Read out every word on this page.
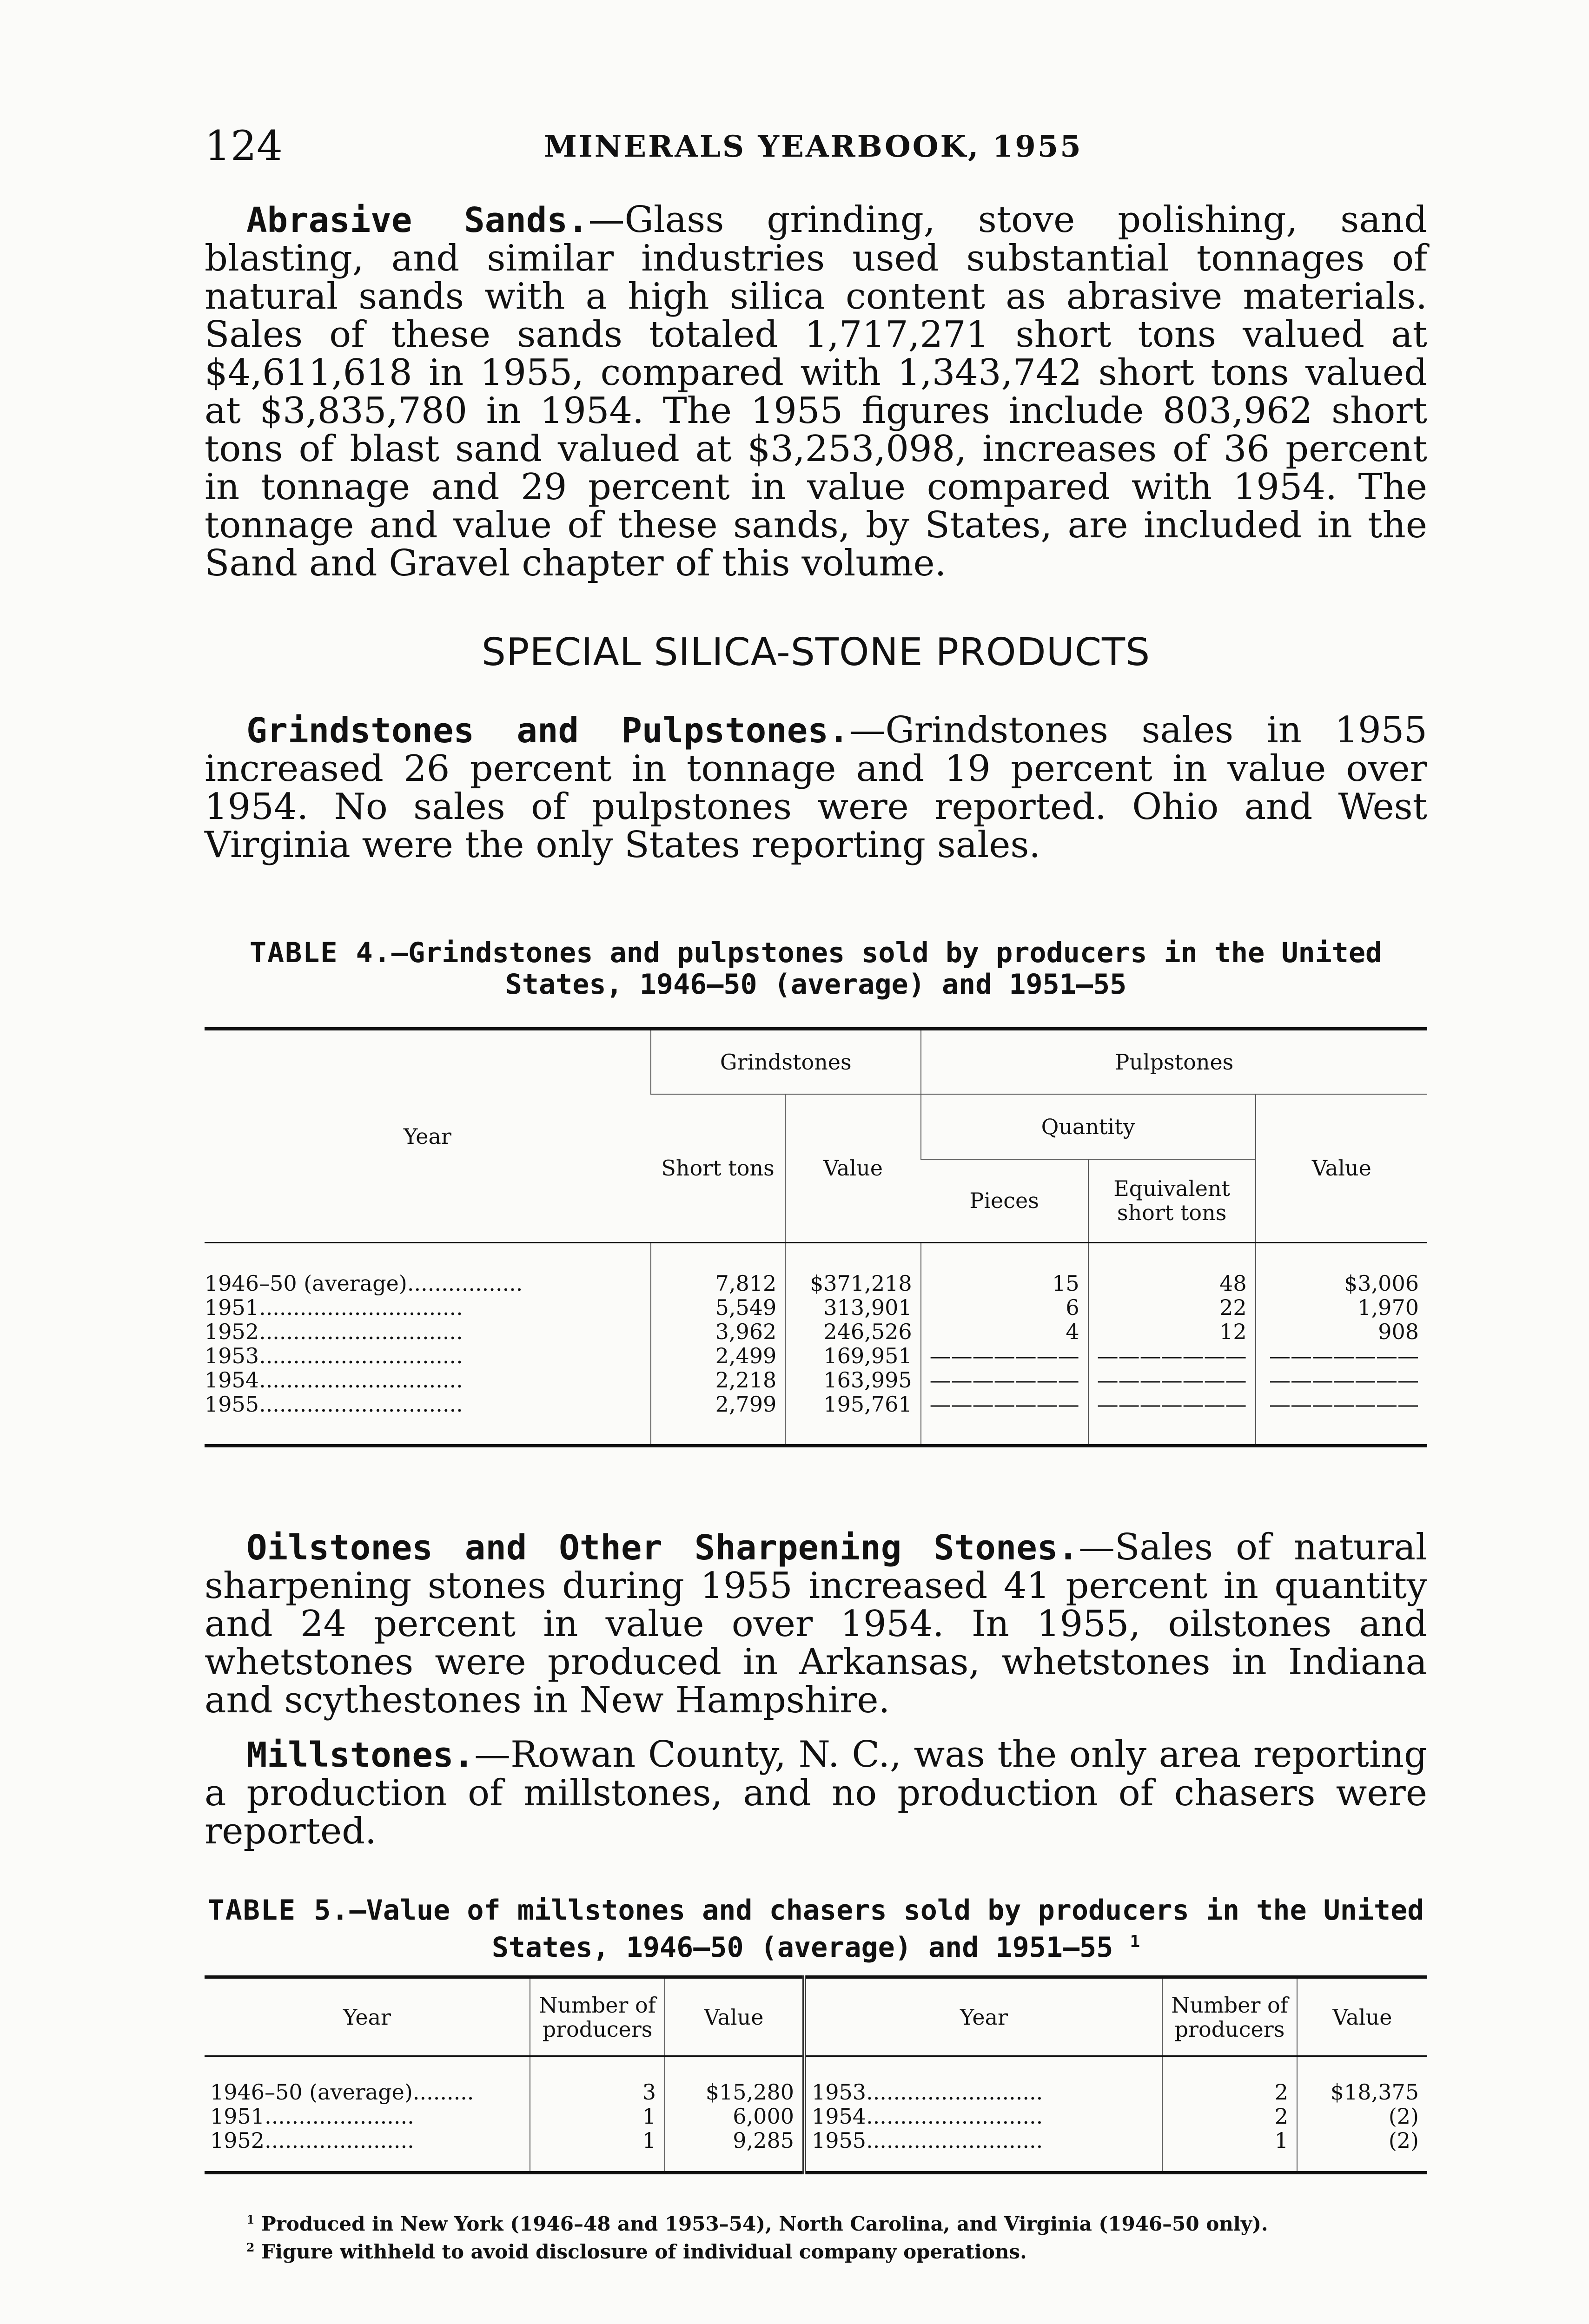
124	MINERALS YEARBOOK, 1955

Abrasive Sands.—Glass grinding, stove polishing, sand blasting, and similar industries used substantial tonnages of natural sands with a high silica content as abrasive materials. Sales of these sands totaled 1,717,271 short tons valued at $4,611,618 in 1955, compared with 1,343,742 short tons valued at $3,835,780 in 1954. The 1955 figures include 803,962 short tons of blast sand valued at $3,253,098, increases of 36 percent in tonnage and 29 percent in value compared with 1954. The tonnage and value of these sands, by States, are included in the Sand and Gravel chapter of this volume.

SPECIAL SILICA-STONE PRODUCTS

Grindstones and Pulpstones.—Grindstones sales in 1955 increased 26 percent in tonnage and 19 percent in value over 1954. No sales of pulpstones were reported. Ohio and West Virginia were the only States reporting sales.

TABLE 4.—Grindstones and pulpstones sold by producers in the United States, 1946–50 (average) and 1951–55

Year	Grindstones		Pulpstones		
	Short tons	Value	Quantity		Value
			Pieces	Equivalent short tons	
1946–50 (average).................	7,812	$371,218	15	48	$3,006
1951..............................	5,549	313,901	6	22	1,970
1952..............................	3,962	246,526	4	12	908
1953..............................	2,499	169,951	———————	———————	———————
1954..............................	2,218	163,995	———————	———————	———————
1955..............................	2,799	195,761	———————	———————	———————

Oilstones and Other Sharpening Stones.—Sales of natural sharpening stones during 1955 increased 41 percent in quantity and 24 percent in value over 1954. In 1955, oilstones and whetstones were produced in Arkansas, whetstones in Indiana and scythestones in New Hampshire.

Millstones.—Rowan County, N. C., was the only area reporting a production of millstones, and no production of chasers were reported.

TABLE 5.—Value of millstones and chasers sold by producers in the United States, 1946–50 (average) and 1951–55 $^1$

Year	Number of producers	Value	Year	Number of producers	Value
1946–50 (average).........	3	$15,280	1953..........................	2	$18,375
1951......................	1	6,000	1954..........................	2	(2)
1952......................	1	9,285	1955..........................	1	(2)

$^1$ Produced in New York (1946–48 and 1953–54), North Carolina, and Virginia (1946–50 only).

$^2$ Figure withheld to avoid disclosure of individual company operations.
